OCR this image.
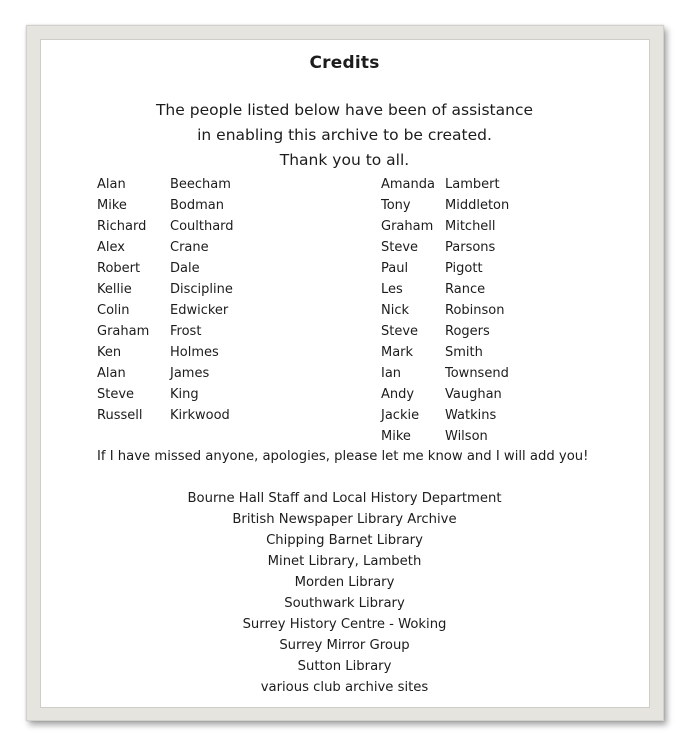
Credits
The people listed below have been of assistance
in enabling this archive to be created.
Thank you to all.
Alan
Mike
Richard
Alex
Robert
Kellie
Colin
Graham
Ken
Alan
Steve
Russell
Beecham
Bodman
Coulthard
Crane
Dale
Discipline
Edwicker
Frost
Holmes
James
King
Kirkwood
Amanda
Tony
Graham
Steve
Paul
Les
Nick
Steve
Mark
Ian
Andy
Jackie
Mike
Lambert
Middleton
Mitchell
Parsons
Pigott
Rance
Robinson
Rogers
Smith
Townsend
Vaughan
Watkins
Wilson
If I have missed anyone, apologies, please let me know and I will add you!
Bourne Hall Staff and Local History Department
British Newspaper Library Archive
Chipping Barnet Library
Minet Library, Lambeth
Morden Library
Southwark Library
Surrey History Centre - Woking
Surrey Mirror Group
Sutton Library
various club archive sites
